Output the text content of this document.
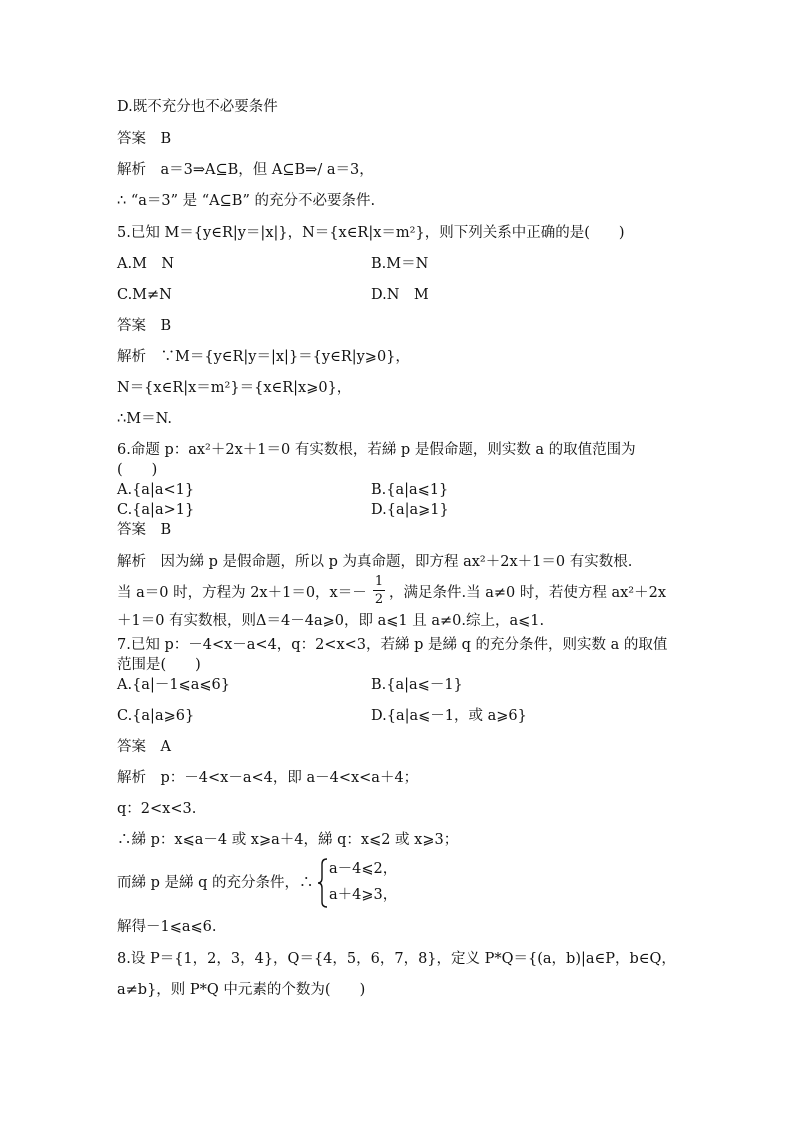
D.既不充分也不必要条件
答案　B
解析　a＝3⇒A⊆B，但 A⊆B⇒/ a＝3，
∴ “a＝3” 是 “A⊆B” 的充分不必要条件.
5.已知 M＝{y∈R|y＝|x|}，N＝{x∈R|x＝m²}，则下列关系中正确的是(　　)
A.M　N	B.M＝N
C.M≠N	D.N　M
答案　B
解析　∵M＝{y∈R|y＝|x|}＝{y∈R|y⩾0}，
N＝{x∈R|x＝m²}＝{x∈R|x⩾0}，
∴M＝N.
6.命题 p：ax²＋2x＋1＝0 有实数根，若綈 p 是假命题，则实数 a 的取值范围为
(　　)
A.{a|a<1}	B.{a|a⩽1}
C.{a|a>1}	D.{a|a⩾1}
答案　B
解析　因为綈 p 是假命题，所以 p 为真命题，即方程 ax²＋2x＋1＝0 有实数根.
当 a＝0 时，方程为 2x＋1＝0，x＝－
1
2 ，满足条件.当 a≠0 时，若使方程 ax²＋2x
＋1＝0 有实数根，则Δ＝4－4a⩾0，即 a⩽1 且 a≠0.综上，a⩽1.
7.已知 p：－4<x－a<4，q：2<x<3，若綈 p 是綈 q 的充分条件，则实数 a 的取值
范围是(　　)
A.{a|－1⩽a⩽6}	B.{a|a⩽－1}
C.{a|a⩾6}	D.{a|a⩽－1，或 a⩾6}
答案　A
解析　p：－4<x－a<4，即 a－4<x<a＋4；
q：2<x<3.
∴綈 p：x⩽a－4 或 x⩾a＋4，綈 q：x⩽2 或 x⩾3；
而綈 p 是綈 q 的充分条件，∴
a－4⩽2，
a＋4⩾3，
解得－1⩽a⩽6.
8.设 P＝{1，2，3，4}，Q＝{4，5，6，7，8}，定义 P*Q＝{(a，b)|a∈P，b∈Q，
a≠b}，则 P*Q 中元素的个数为(　　)
